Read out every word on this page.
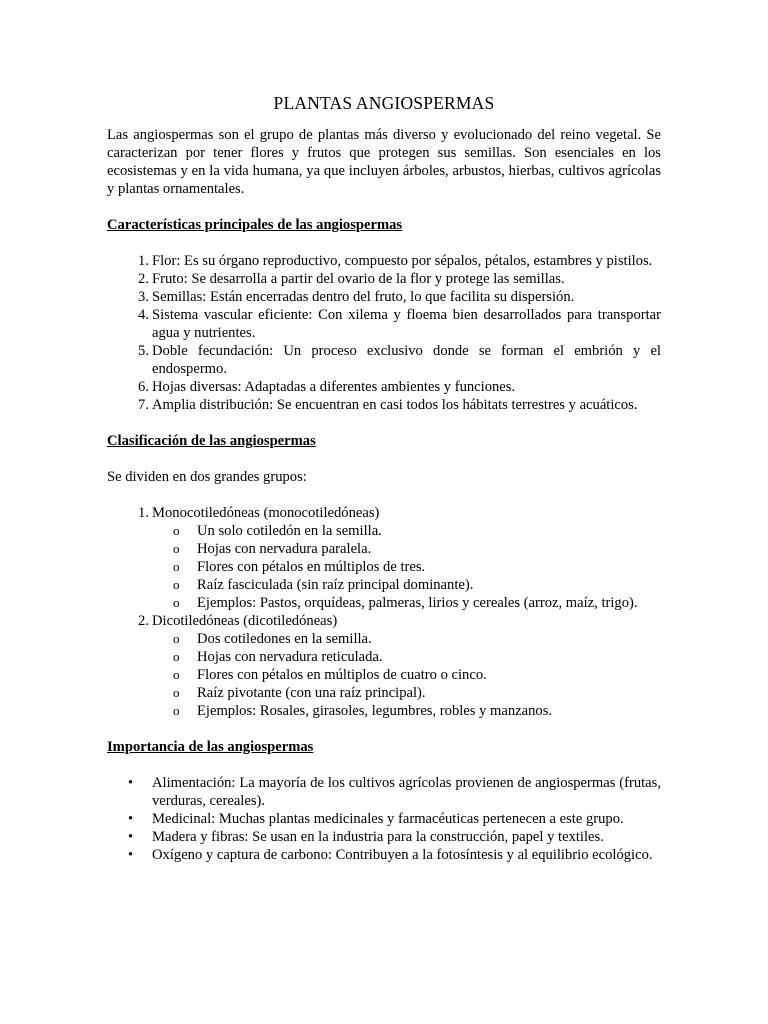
PLANTAS ANGIOSPERMAS

Las angiospermas son el grupo de plantas más diverso y evolucionado del reino vegetal. Se caracterizan por tener flores y frutos que protegen sus semillas. Son esenciales en los ecosistemas y en la vida humana, ya que incluyen árboles, arbustos, hierbas, cultivos agrícolas y plantas ornamentales.

Características principales de las angiospermas
1. Flor: Es su órgano reproductivo, compuesto por sépalos, pétalos, estambres y pistilos.
2. Fruto: Se desarrolla a partir del ovario de la flor y protege las semillas.
3. Semillas: Están encerradas dentro del fruto, lo que facilita su dispersión.
4. Sistema vascular eficiente: Con xilema y floema bien desarrollados para transportar agua y nutrientes.
5. Doble fecundación: Un proceso exclusivo donde se forman el embrión y el endospermo.
6. Hojas diversas: Adaptadas a diferentes ambientes y funciones.
7. Amplia distribución: Se encuentran en casi todos los hábitats terrestres y acuáticos.
Clasificación de las angiospermas

Se dividen en dos grandes grupos:

1. Monocotiledóneas (monocotiledóneas)
o Un solo cotiledón en la semilla.
o Hojas con nervadura paralela.
o Flores con pétalos en múltiplos de tres.
o Raíz fasciculada (sin raíz principal dominante).
o Ejemplos: Pastos, orquídeas, palmeras, lirios y cereales (arroz, maíz, trigo).
2. Dicotiledóneas (dicotiledóneas)
o Dos cotiledones en la semilla.
o Hojas con nervadura reticulada.
o Flores con pétalos en múltiplos de cuatro o cinco.
o Raíz pivotante (con una raíz principal).
o Ejemplos: Rosales, girasoles, legumbres, robles y manzanos.
Importancia de las angiospermas
• Alimentación: La mayoría de los cultivos agrícolas provienen de angiospermas (frutas, verduras, cereales).
• Medicinal: Muchas plantas medicinales y farmacéuticas pertenecen a este grupo.
• Madera y fibras: Se usan en la industria para la construcción, papel y textiles.
• Oxígeno y captura de carbono: Contribuyen a la fotosíntesis y al equilibrio ecológico.
